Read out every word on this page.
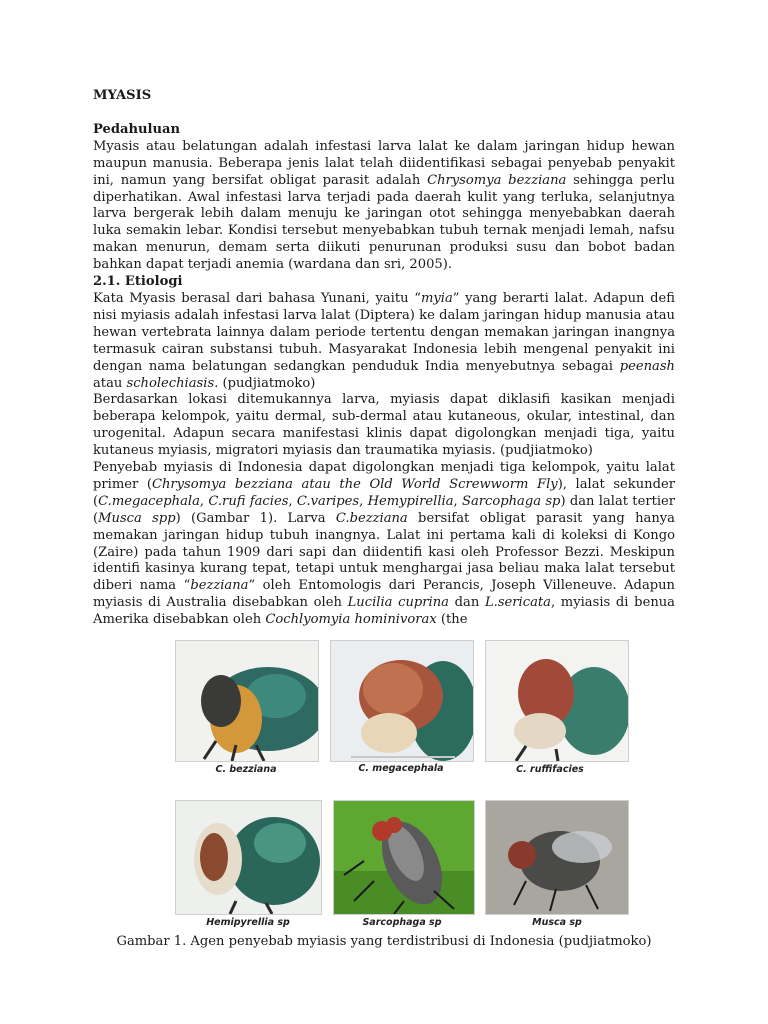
MYASIS

Pedahuluan

Myasis atau belatungan adalah infestasi larva lalat ke dalam jaringan hidup hewan maupun manusia. Beberapa jenis lalat telah diidentifikasi sebagai penyebab penyakit ini, namun yang bersifat obligat parasit adalah Chrysomya bezziana sehingga perlu diperhatikan. Awal infestasi larva terjadi pada daerah kulit yang terluka, selanjutnya larva bergerak lebih dalam menuju ke jaringan otot sehingga menyebabkan daerah luka semakin lebar. Kondisi tersebut menyebabkan tubuh ternak menjadi lemah, nafsu makan menurun, demam serta diikuti penurunan produksi susu dan bobot badan bahkan dapat terjadi anemia (wardana dan sri, 2005).

2.1. Etiologi

Kata Myasis berasal dari bahasa Yunani, yaitu “myia” yang berarti lalat. Adapun defi nisi myiasis adalah infestasi larva lalat (Diptera) ke dalam jaringan hidup manusia atau hewan vertebrata lainnya dalam periode tertentu dengan memakan jaringan inangnya termasuk cairan substansi tubuh. Masyarakat Indonesia lebih mengenal penyakit ini dengan nama belatungan sedangkan penduduk India menyebutnya sebagai peenash atau scholechiasis. (pudjiatmoko)

Berdasarkan lokasi ditemukannya larva, myiasis dapat diklasifi kasikan menjadi beberapa kelompok, yaitu dermal, sub-dermal atau kutaneous, okular, intestinal, dan urogenital. Adapun secara manifestasi klinis dapat digolongkan menjadi tiga, yaitu kutaneus myiasis, migratori myiasis dan traumatika myiasis. (pudjiatmoko)

Penyebab myiasis di Indonesia dapat digolongkan menjadi tiga kelompok, yaitu lalat primer (Chrysomya bezziana atau the Old World Screwworm Fly), lalat sekunder (C.megacephala, C.rufi facies, C.varipes, Hemypirellia, Sarcophaga sp) dan lalat tertier (Musca spp) (Gambar 1). Larva C.bezziana bersifat obligat parasit yang hanya memakan jaringan hidup tubuh inangnya. Lalat ini pertama kali di koleksi di Kongo (Zaire) pada tahun 1909 dari sapi dan diidentifi kasi oleh Professor Bezzi. Meskipun identifi kasinya kurang tepat, tetapi untuk menghargai jasa beliau maka lalat tersebut diberi nama “bezziana” oleh Entomologis dari Perancis, Joseph Villeneuve. Adapun myiasis di Australia disebabkan oleh Lucilia cuprina dan L.sericata, myiasis di benua Amerika disebabkan oleh Cochlyomyia hominivorax (the

C. bezziana	C. megacephala	C. ruffifacies
Hemipyrellia sp	Sarcophaga sp	Musca sp
Gambar 1. Agen penyebab myiasis yang terdistribusi di Indonesia (pudjiatmoko)
